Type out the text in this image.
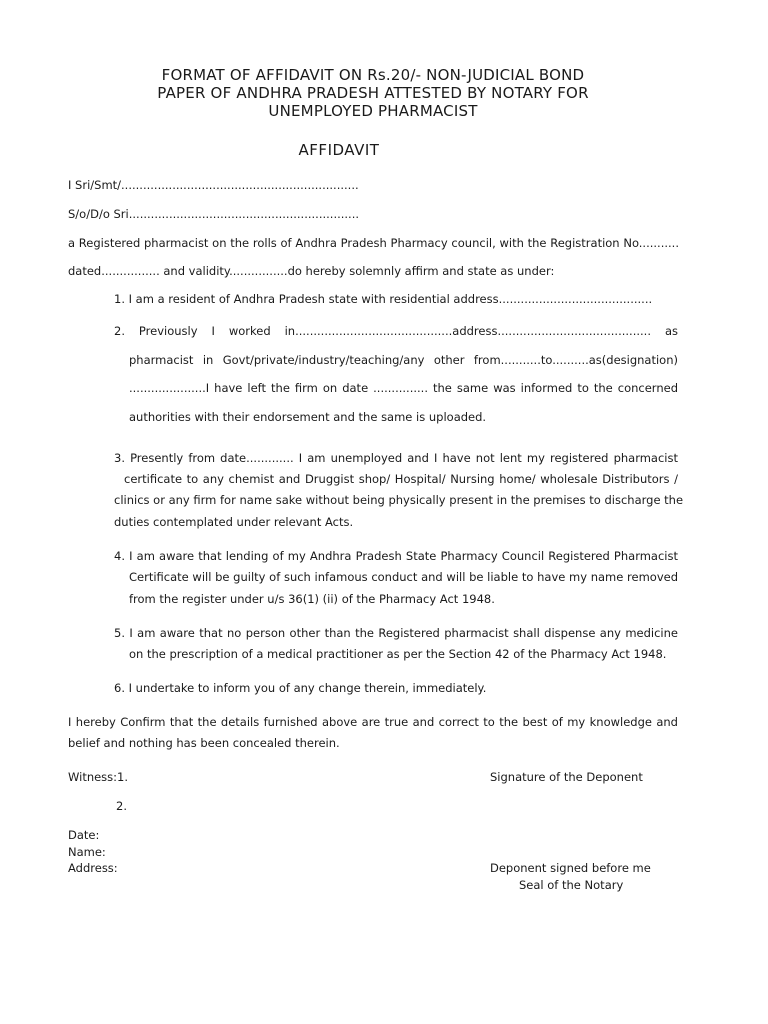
FORMAT OF AFFIDAVIT ON Rs.20/- NON-JUDICIAL BOND
PAPER OF ANDHRA PRADESH ATTESTED BY NOTARY FOR
UNEMPLOYED PHARMACIST
AFFIDAVIT
I Sri/Smt/.................................................................
S/o/D/o Sri...............................................................
a Registered pharmacist on the rolls of Andhra Pradesh Pharmacy council, with the Registration No...........
dated................ and validity................do hereby solemnly affirm and state as under:
1. I am a resident of Andhra Pradesh state with residential address..........................................
2. Previously I worked in...........................................address.......................................... as
pharmacist in Govt/private/industry/teaching/any other from...........to..........as(designation)
.....................I have left the firm on date ............... the same was informed to the concerned
authorities with their endorsement and the same is uploaded.
3. Presently from date............. I am unemployed and I have not lent my registered pharmacist
certificate to any chemist and Druggist shop/ Hospital/ Nursing home/ wholesale Distributors /
clinics or any firm for name sake without being physically present in the premises to discharge the
duties contemplated under relevant Acts.
4. I am aware that lending of my Andhra Pradesh State Pharmacy Council Registered Pharmacist
Certificate will be guilty of such infamous conduct and will be liable to have my name removed
from the register under u/s 36(1) (ii) of the Pharmacy Act 1948.
5. I am aware that no person other than the Registered pharmacist shall dispense any medicine
on the prescription of a medical practitioner as per the Section 42 of the Pharmacy Act 1948.
6. I undertake to inform you of any change therein, immediately.
I hereby Confirm that the details furnished above are true and correct to the best of my knowledge and
belief and nothing has been concealed therein.
Witness:1.	Signature of the Deponent
2.
Date:
Name:
Address:	Deponent signed before me
Seal of the Notary
